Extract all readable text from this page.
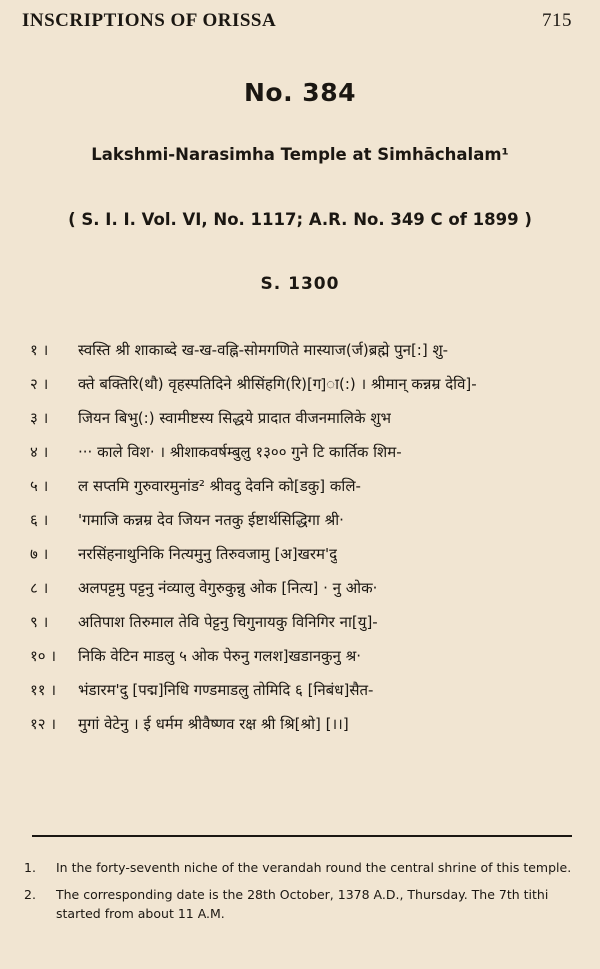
INSCRIPTIONS OF ORISSA	715
No. 384
Lakshmi-Narasimha Temple at Simhāchalam¹
( S. I. I. Vol. VI, No. 1117; A.R. No. 349 C of 1899 )
S. 1300
१ ।	स्वस्ति श्री शाकाब्दे ख-ख-वह्नि-सोमगणिते मास्याज(र्ज)ब्रह्मे पुन[:] शु-
२ ।	क्ते बक्तिरि(थौ) वृहस्पतिदिने श्रीसिंहगि(रि)[ग]ा(:) । श्रीमान् कन्नम्र देवि]-
३ ।	जियन बिभु(:) स्वामीष्टस्य सिद्धये प्रादात वीजनमालिके शुभ
४ ।	··· काले विश· । श्रीशाकवर्षम्बुलु १३०० गुने टि कार्तिक शिम-
५ ।	ल सप्तमि गुरुवारमुनांड² श्रीवदु देवनि को[डकु] कलि-
६ ।	'गमाजि कन्नम्र देव जियन नतकु ईष्टार्थसिद्धिगा श्री·
७ ।	नरसिंहनाथुनिकि नित्यमुनु तिरुवजामु [अ]खरम'दु
८ ।	अलपट्टमु पट्टनु नंव्यालु वेगुरुकुन्नु ओक [नित्य] · नु ओक·
९ ।	अतिपाश तिरुमाल तेवि पेट्टनु चिगुनायकु विनिगिर ना[यु]-
१० ।	निकि वेटिन माडलु ५ ओक पेरुनु गलश]खडानकुनु श्र·
११ ।	भंडारम'दु [पद्म]निधि गण्डमाडलु तोमिदि ६ [निबंध]सैत-
१२ ।	मुगां वेटेनु । ई धर्मम श्रीवैष्णव रक्ष श्री श्रि[श्रो] [।।]
1.	In the forty-seventh niche of the verandah round the central shrine of this temple.
2.	The corresponding date is the 28th October, 1378 A.D., Thursday. The 7th tithi started from about 11 A.M.
